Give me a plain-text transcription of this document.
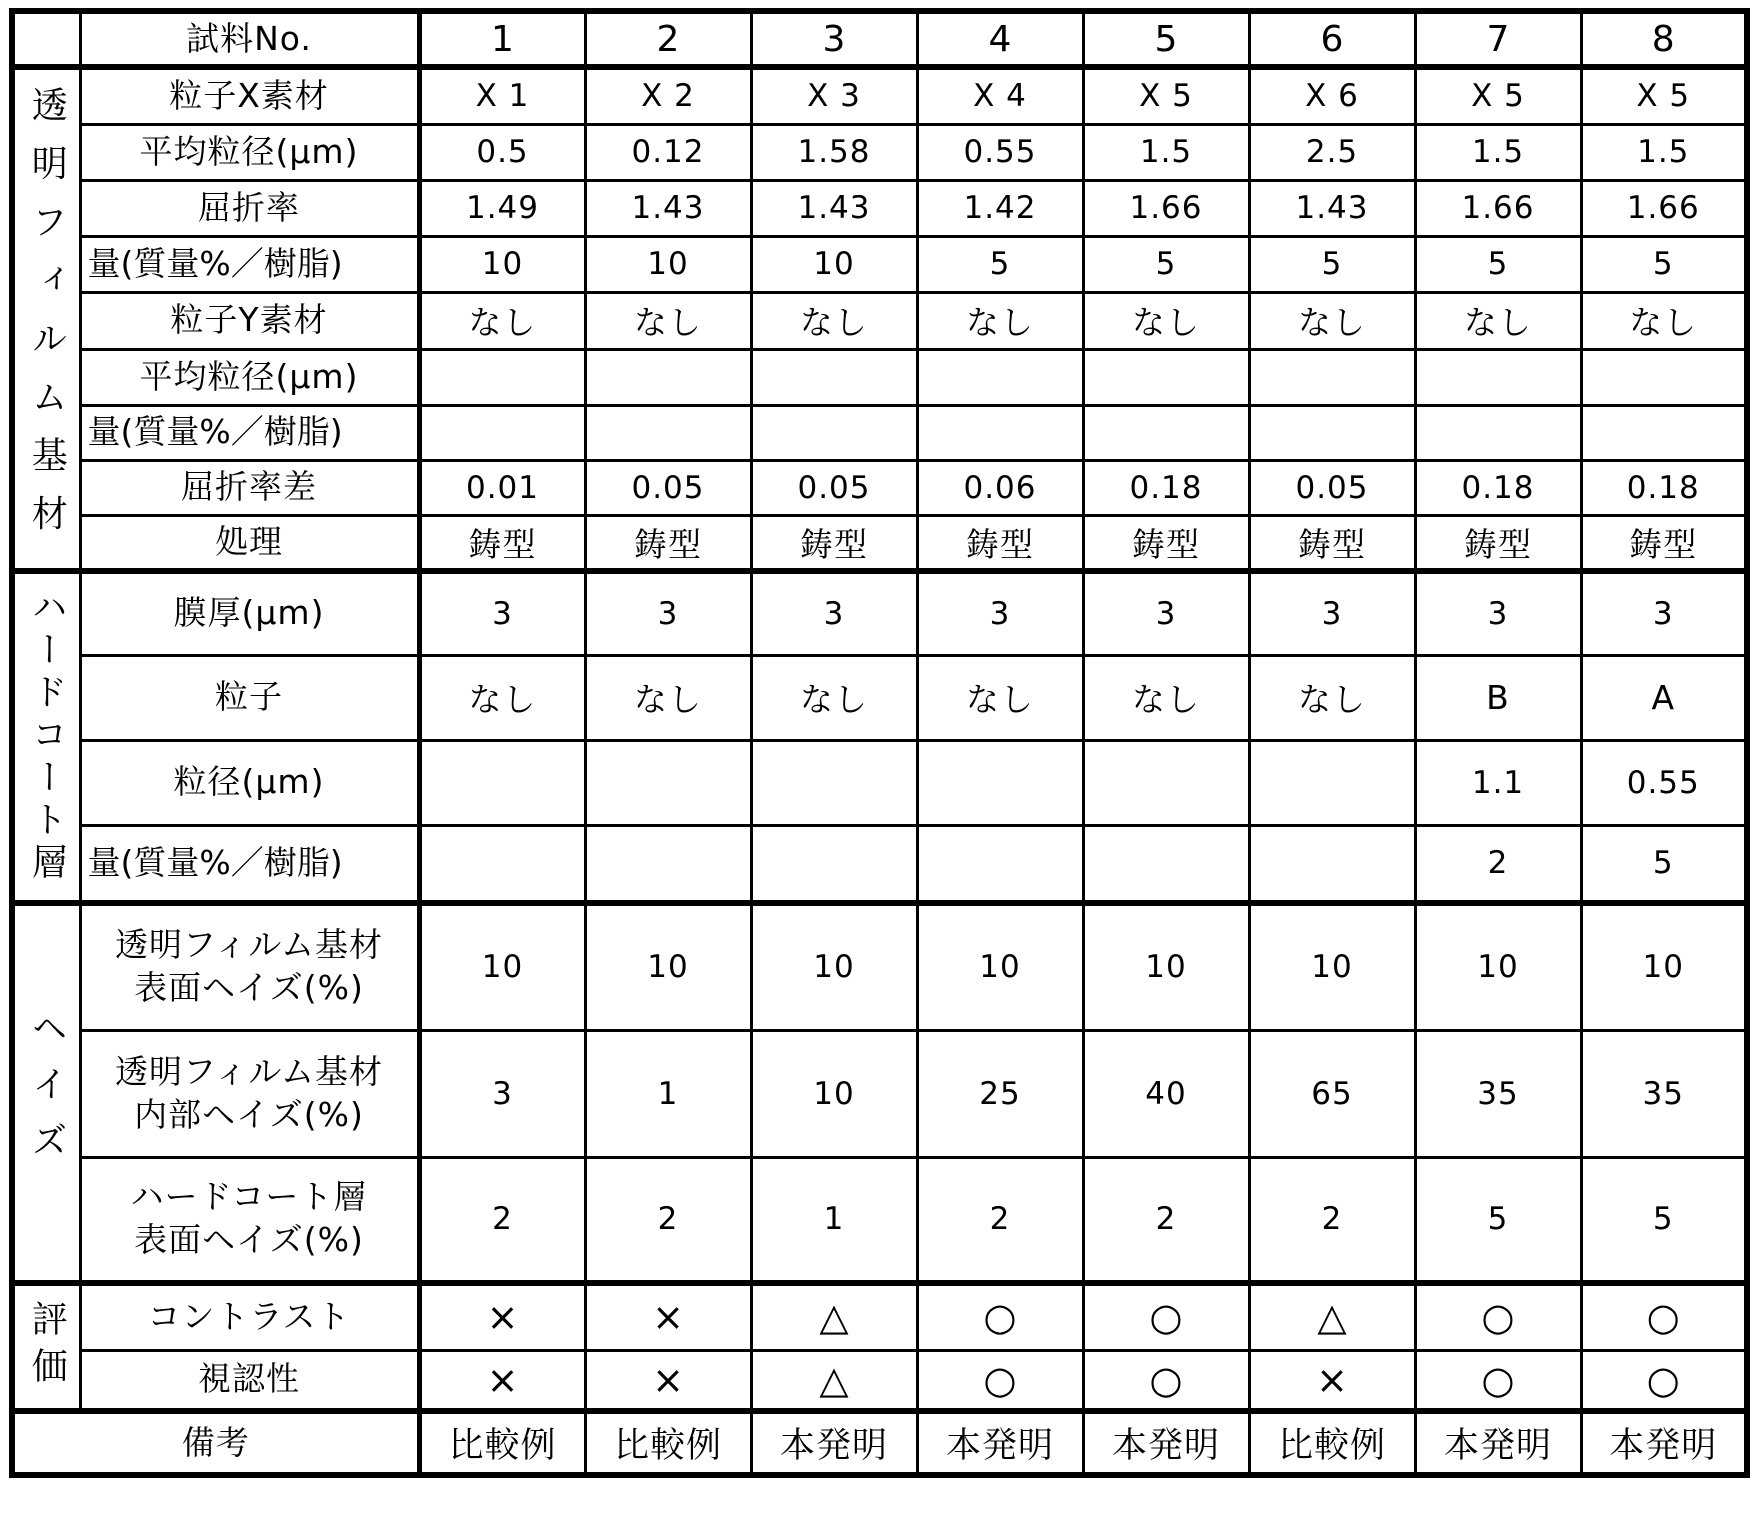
	試料No.	1	2	3	4	5	6	7	8
透明フィルム基材	粒子X素材	X 1	X 2	X 3	X 4	X 5	X 6	X 5	X 5
	平均粒径(μm)	0.5	0.12	1.58	0.55	1.5	2.5	1.5	1.5
	屈折率	1.49	1.43	1.43	1.42	1.66	1.43	1.66	1.66
	量(質量%／樹脂)	10	10	10	5	5	5	5	5
	粒子Y素材	なし	なし	なし	なし	なし	なし	なし	なし
	平均粒径(μm)								
	量(質量%／樹脂)								
	屈折率差	0.01	0.05	0.05	0.06	0.18	0.05	0.18	0.18
	処理	鋳型	鋳型	鋳型	鋳型	鋳型	鋳型	鋳型	鋳型
ハードコート層	膜厚(μm)	3	3	3	3	3	3	3	3
	粒子	なし	なし	なし	なし	なし	なし	B	A
	粒径(μm)							1.1	0.55
	量(質量%／樹脂)							2	5
ヘイズ	透明フィルム基材
表面ヘイズ(%)	10	10	10	10	10	10	10	10
	透明フィルム基材
内部ヘイズ(%)	3	1	10	25	40	65	35	35
	ハードコート層
表面ヘイズ(%)	2	2	1	2	2	2	5	5
評価	コントラスト	×	×	△	○	○	△	○	○
	視認性	×	×	△	○	○	×	○	○
備考		比較例	比較例	本発明	本発明	本発明	比較例	本発明	本発明
